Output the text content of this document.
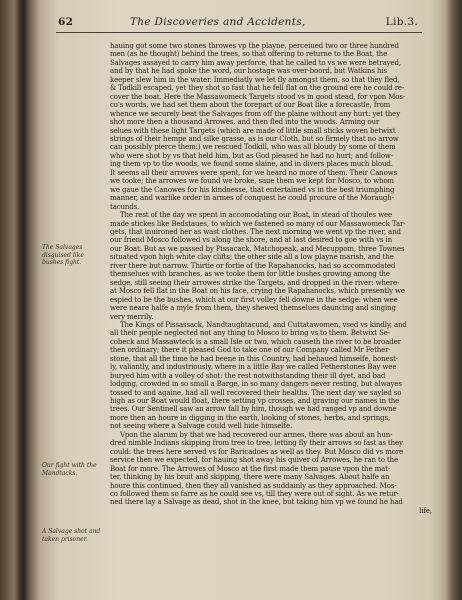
62	The Discoveries and Accidents,	Lib.3.
The Salvages disguised like bushes fight.
Our fight with the Mandtacks.
A Salvage shot and taken prisoner.
hauing got some two stones throwes vp the playne, perceiued two or three hundred
men (as he thought) behind the trees, so that offering to returne to the Boat, the
Salvages assayed to carry him away perforce, that he called to vs we were betrayed,
and by that he had spoke the word, our hostage was over-boord, but Watkins his
keeper slew him in the water. Immediatly we let fly amongst them, so that they fled,
& Todkill escaped, yet they shot so fast that he fell flat on the ground ere he could re-
cover the boat. Here the Massawomeck Targets stood vs in good stead, for vpon Mos-
co's words, we had set them about the forepart of our Boat like a forecastle, from
whence we securely beat the Salvages from off the plaine without any hurt: yet they
shot more then a thousand Arrowes, and then fled into the woods. Arming our
selues with these light Targets (which are made of little small sticks woven betwixt
strings of their hempe and silke grasse, as is our Cloth, but so firmely that no arrow
can possibly pierce them:) we rescued Todkill, who was all bloudy by some of them
who were shot by vs that held him, but as God pleased he had no hurt; and follow-
ing them vp to the woods, we found some slaine, and in divers places much bloud.
It seems all their arrowes were spent, for we heard no more of them. Their Canows
we tooke; the arrowes we found we broke, saue them we kept for Mosco, to whom
we gaue the Canowes for his kindnesse, that entertained vs in the best triumphing
manner, and warlike order in armes of conquest he could procure of the Moraugh-
tacunds.
The rest of the day we spent in accomodating our Boat, in stead of thoules wee
made stickes like Bedstaues, to which we fastened so many of our Massawomeck Tar-
gets, that inuironed her as wast clothes. The next morning we went vp the river, and
our friend Mosco followed vs along the shore, and at last desired to goe with vs in
our Boat. But as we passed by Pissacack, Matchopeak, and Mecuppom, three Townes
situated vpon high white clay clifts; the other side all a low playne marish, and the
river there but narrow. Thirtie or fortie of the Rapahanocks, had so accommodated
themselues with branches, as we tooke them for little bushes growing among the
sedge, still seeing their arrowes strike the Targets, and dropped in the river: where-
at Mosco fell flat in the Boat on his face, crying the Rapahanocks, which presently we
espied to be the bushes, which at our first volley fell downe in the sedge: when wee
were neare halfe a myle from them, they shewed themselues dauncing and singing
very merrily.
The Kings of Pissassack, Nandtaughtacund, and Cuttatawomen, vsed vs kindly, and
all their people neglected not any thing to Mosco to bring vs to them. Betwixt Se-
cobeck and Massawteck is a small Isle or two, which causeth the river to be broader
then ordinary; there it pleased God to take one of our Company called Mr Fether-
stone, that all the time he had beene in this Country, had behaued himselfe, honest-
ly, valiantly, and industriously, where in a little Bay we called Fetherstones Bay wee
buryed him with a volley of shot: the rest notwithstanding their ill dyet, and bad
lodging, crowded in so small a Barge, in so many dangers never resting, but alwayes
tossed to and againe, had all well recovered their healths. The next day we sayled so
high as our Boat would float, there setting vp crosses, and graving our names in the
trees. Our Sentinell saw an arrow fall by him, though we had ranged vp and downe
more then an houre in digging in the earth, looking of stones, herbs, and springs,
not seeing where a Salvage could well hide himselfe.
Vpon the alarum by that we had recovered our armes, there was about an hun-
dred nimble Indians skipping from tree to tree, letting fly their arrows so fast as they
could: the trees here served vs for Baricadoes as well as they. But Mosco did vs more
service then we expected, for hauing shot away his quiver of Arrowes, he ran to the
Boat for more. The Arrowes of Mosco at the first made them pause vpon the mat-
ter, thinking by his bruit and skipping, there were many Salvages. About halfe an
houre this continued, then they all vanished as suddainly as they approached. Mos-
co followed them so farre as he could see vs, till they were out of sight. As we retur-
ned there lay a Salvage as dead, shot in the knee, but taking him vp we found he had
life,
